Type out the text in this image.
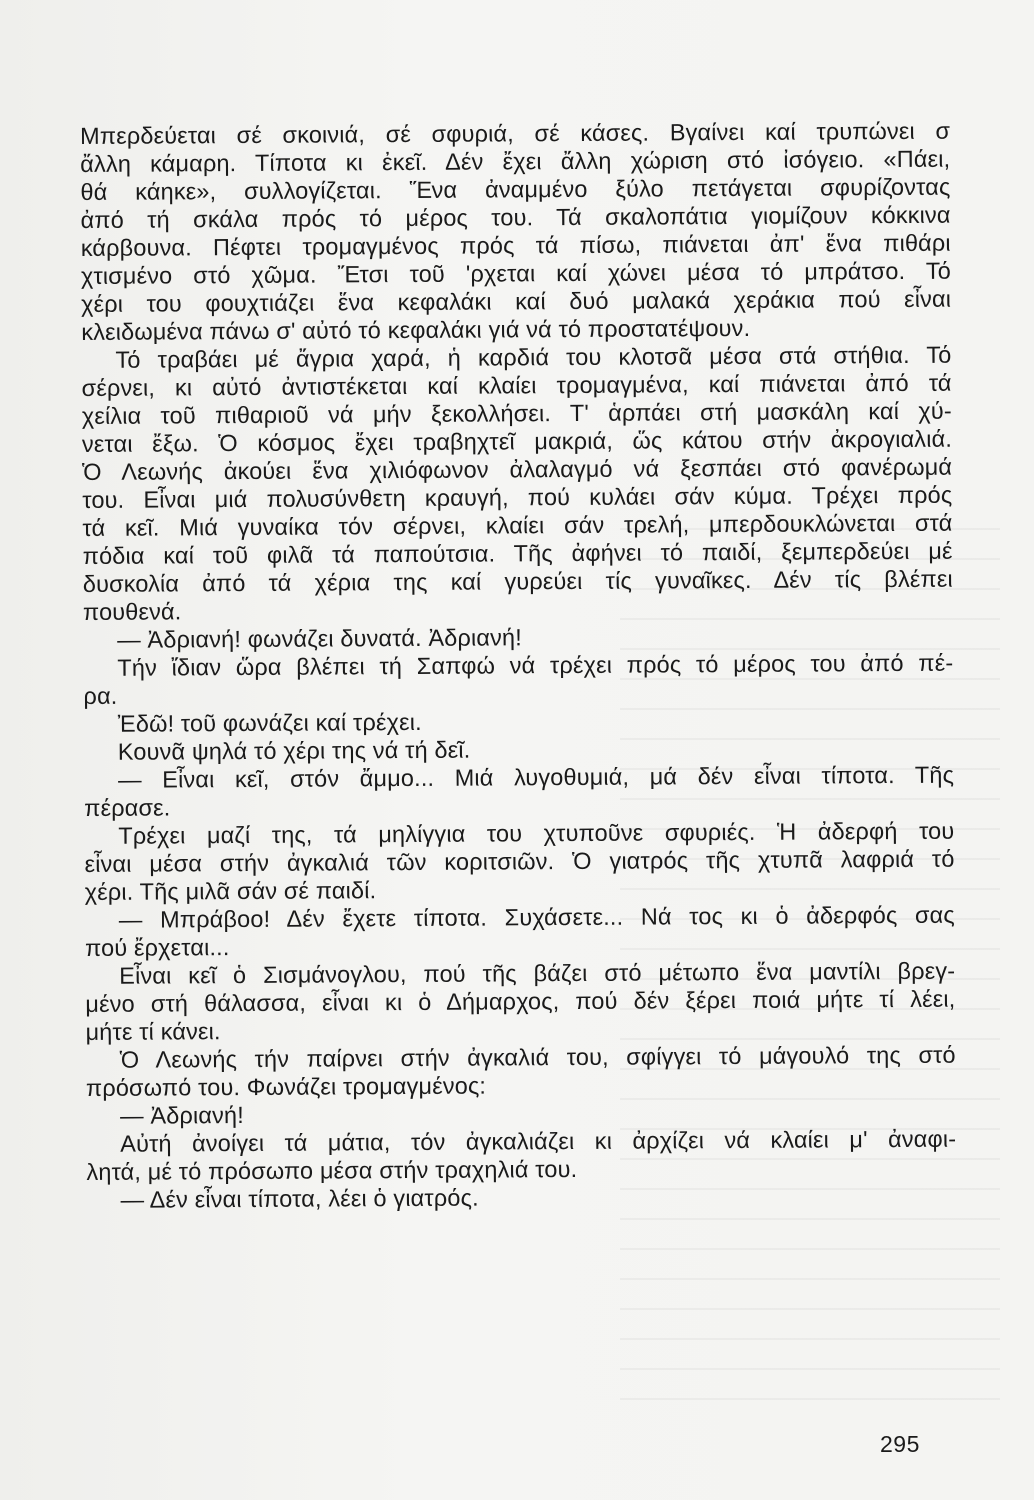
Μπερδεύεται σέ σκοινιά, σέ σφυριά, σέ κάσες. Βγαίνει καί τρυπώνει σ

ἄλλη κάμαρη. Τίποτα κι ἐκεῖ. Δέν ἔχει ἄλλη χώριση στό ἰσόγειο. «Πάει,

θά κάηκε», συλλογίζεται. Ἕνα ἀναμμένο ξύλο πετάγεται σφυρίζοντας

ἀπό τή σκάλα πρός τό μέρος του. Τά σκαλοπάτια γιομίζουν κόκκινα

κάρβουνα. Πέφτει τρομαγμένος πρός τά πίσω, πιάνεται ἀπ' ἕνα πιθάρι

χτισμένο στό χῶμα. Ἔτσι τοῦ 'ρχεται καί χώνει μέσα τό μπράτσο. Τό

χέρι του φουχτιάζει ἕνα κεφαλάκι καί δυό μαλακά χεράκια πού εἶναι

κλειδωμένα πάνω σ' αὐτό τό κεφαλάκι γιά νά τό προστατέψουν.

Τό τραβάει μέ ἄγρια χαρά, ἡ καρδιά του κλοτσᾶ μέσα στά στήθια. Τό

σέρνει, κι αὐτό ἀντιστέκεται καί κλαίει τρομαγμένα, καί πιάνεται ἀπό τά

χείλια τοῦ πιθαριοῦ νά μήν ξεκολλήσει. Τ' ἁρπάει στή μασκάλη καί χύ-

νεται ἔξω. Ὁ κόσμος ἔχει τραβηχτεῖ μακριά, ὥς κάτου στήν ἀκρογιαλιά.

Ὁ Λεωνής ἀκούει ἕνα χιλιόφωνον ἀλαλαγμό νά ξεσπάει στό φανέρωμά

του. Εἶναι μιά πολυσύνθετη κραυγή, πού κυλάει σάν κύμα. Τρέχει πρός

τά κεῖ. Μιά γυναίκα τόν σέρνει, κλαίει σάν τρελή, μπερδουκλώνεται στά

πόδια καί τοῦ φιλᾶ τά παπούτσια. Τῆς ἀφήνει τό παιδί, ξεμπερδεύει μέ

δυσκολία ἀπό τά χέρια της καί γυρεύει τίς γυναῖκες. Δέν τίς βλέπει

πουθενά.

— Ἀδριανή! φωνάζει δυνατά. Ἀδριανή!

Τήν ἴδιαν ὥρα βλέπει τή Σαπφώ νά τρέχει πρός τό μέρος του ἀπό πέ-

ρα.

Ἐδῶ! τοῦ φωνάζει καί τρέχει.

Κουνᾶ ψηλά τό χέρι της νά τή δεῖ.

— Εἶναι κεῖ, στόν ἄμμο... Μιά λυγοθυμιά, μά δέν εἶναι τίποτα. Τῆς

πέρασε.

Τρέχει μαζί της, τά μηλίγγια του χτυποῦνε σφυριές. Ἡ ἀδερφή του

εἶναι μέσα στήν ἀγκαλιά τῶν κοριτσιῶν. Ὁ γιατρός τῆς χτυπᾶ λαφριά τό

χέρι. Τῆς μιλᾶ σάν σέ παιδί.

— Μπράβοο! Δέν ἔχετε τίποτα. Συχάσετε... Νά τος κι ὁ ἀδερφός σας

πού ἔρχεται...

Εἶναι κεῖ ὁ Σισμάνογλου, πού τῆς βάζει στό μέτωπο ἕνα μαντίλι βρεγ-

μένο στή θάλασσα, εἶναι κι ὁ Δήμαρχος, πού δέν ξέρει ποιά μήτε τί λέει,

μήτε τί κάνει.

Ὁ Λεωνής τήν παίρνει στήν ἀγκαλιά του, σφίγγει τό μάγουλό της στό

πρόσωπό του. Φωνάζει τρομαγμένος:

— Ἀδριανή!

Αὐτή ἀνοίγει τά μάτια, τόν ἀγκαλιάζει κι ἀρχίζει νά κλαίει μ' ἀναφι-

λητά, μέ τό πρόσωπο μέσα στήν τραχηλιά του.

— Δέν εἶναι τίποτα, λέει ὁ γιατρός.

295
